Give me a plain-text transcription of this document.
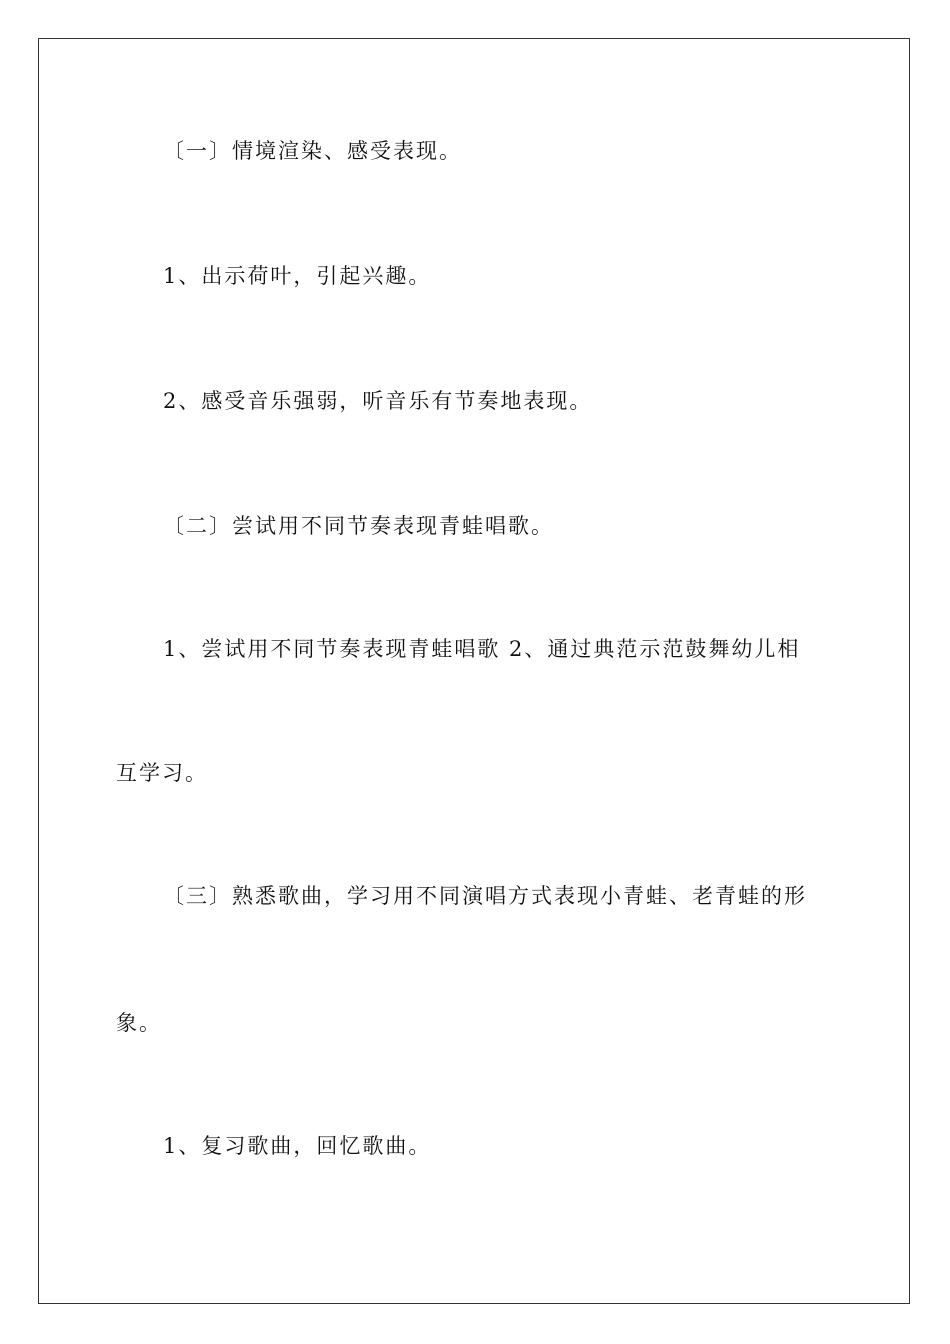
〔一〕情境渲染、感受表现。
1、出示荷叶，引起兴趣。
2、感受音乐强弱，听音乐有节奏地表现。
〔二〕尝试用不同节奏表现青蛙唱歌。
1、尝试用不同节奏表现青蛙唱歌 2、通过典范示范鼓舞幼儿相
互学习。
〔三〕熟悉歌曲，学习用不同演唱方式表现小青蛙、老青蛙的形
象。
1、复习歌曲，回忆歌曲。
